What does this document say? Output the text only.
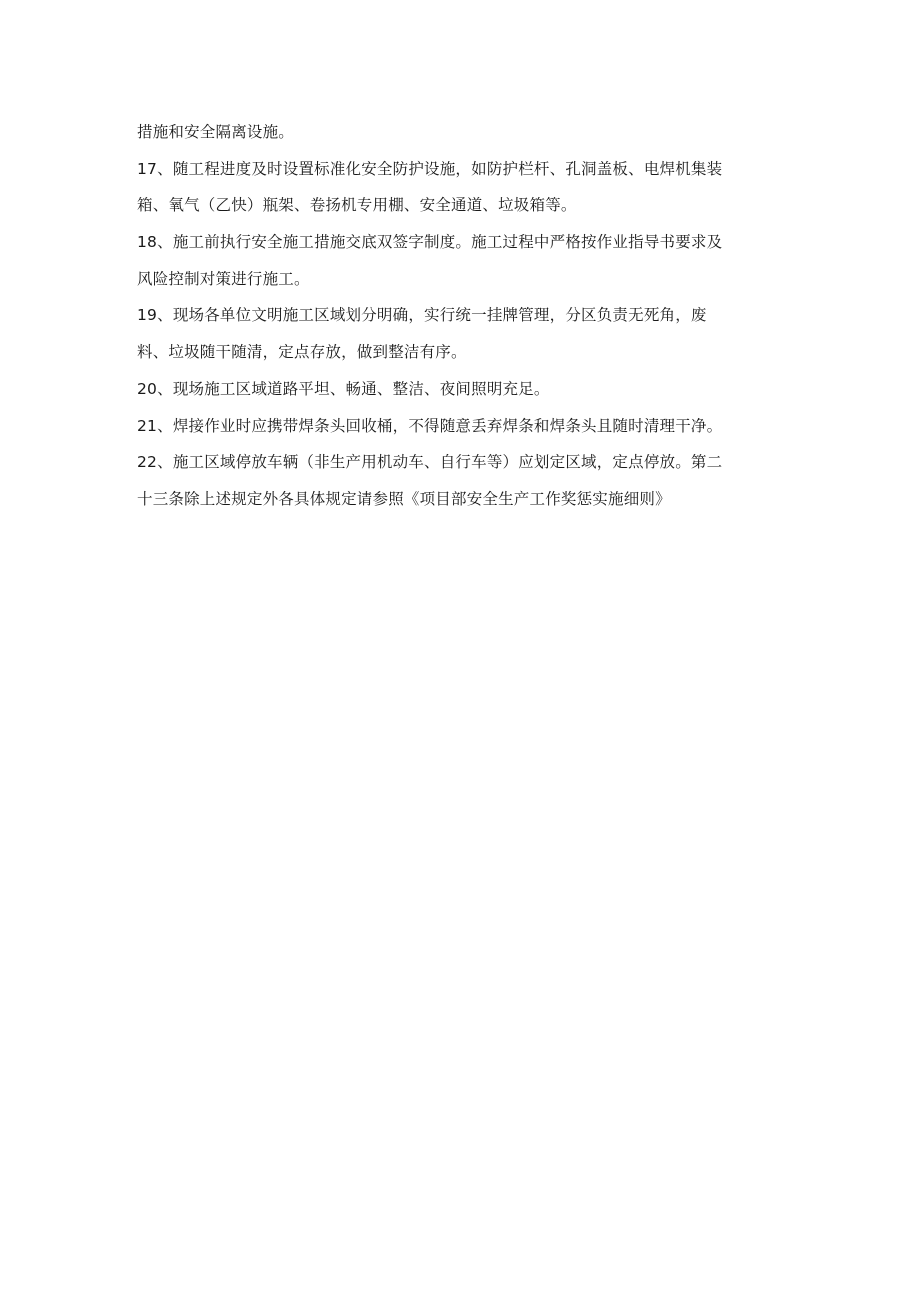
措施和安全隔离设施。
17、随工程进度及时设置标准化安全防护设施，如防护栏杆、孔洞盖板、电焊机集装
箱、氧气（乙快）瓶架、卷扬机专用棚、安全通道、垃圾箱等。
18、施工前执行安全施工措施交底双签字制度。施工过程中严格按作业指导书要求及
风险控制对策进行施工。
19、现场各单位文明施工区域划分明确，实行统一挂牌管理，分区负责无死角，废
料、垃圾随干随清，定点存放，做到整洁有序。
20、现场施工区域道路平坦、畅通、整洁、夜间照明充足。
21、焊接作业时应携带焊条头回收桶，不得随意丢弃焊条和焊条头且随时清理干净。
22、施工区域停放车辆（非生产用机动车、自行车等）应划定区域，定点停放。第二
十三条除上述规定外各具体规定请参照《项目部安全生产工作奖惩实施细则》
